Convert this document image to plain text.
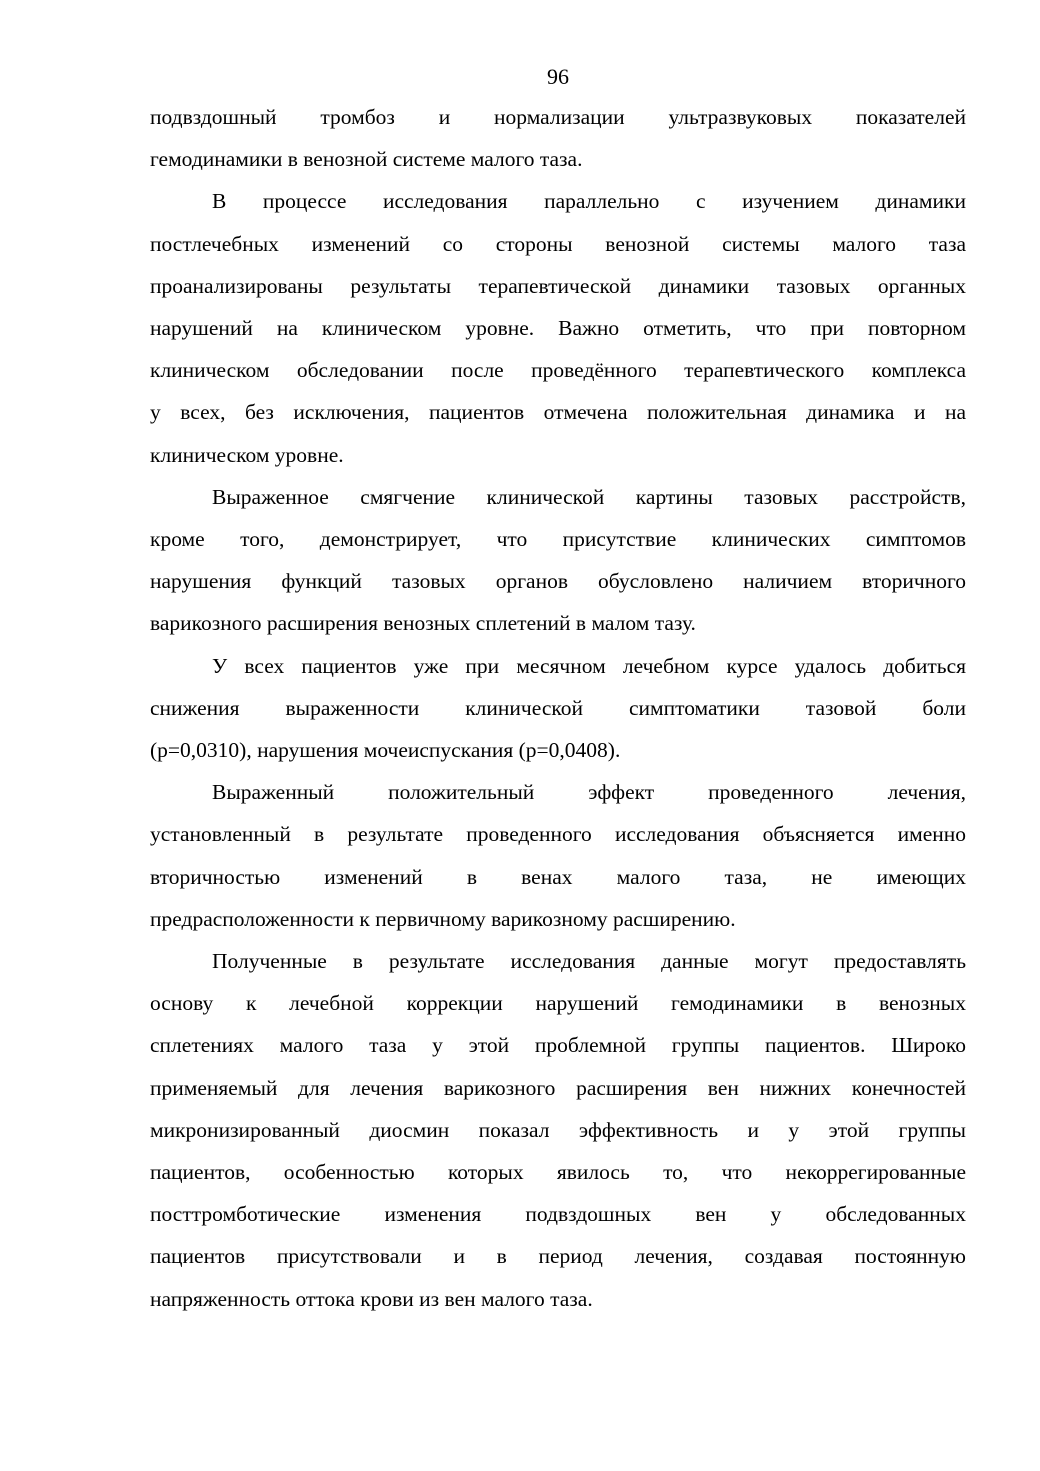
96
подвздошный тромбоз и нормализации ультразвуковых показателей
гемодинамики в венозной системе малого таза.
В процессе исследования параллельно с изучением динамики
постлечебных изменений со стороны венозной системы малого таза
проанализированы результаты терапевтической динамики тазовых органных
нарушений на клиническом уровне. Важно отметить, что при повторном
клиническом обследовании после проведённого терапевтического комплекса
у всех, без исключения, пациентов отмечена положительная динамика и на
клиническом уровне.
Выраженное смягчение клинической картины тазовых расстройств,
кроме того, демонстрирует, что присутствие клинических симптомов
нарушения функций тазовых органов обусловлено наличием вторичного
варикозного расширения венозных сплетений в малом тазу.
У всех пациентов уже при месячном лечебном курсе удалось добиться
снижения выраженности клинической симптоматики тазовой боли
(p=0,0310), нарушения мочеиспускания (p=0,0408).
Выраженный положительный эффект проведенного лечения,
установленный в результате проведенного исследования объясняется именно
вторичностью изменений в венах малого таза, не имеющих
предрасположенности к первичному варикозному расширению.
Полученные в результате исследования данные могут предоставлять
основу к лечебной коррекции нарушений гемодинамики в венозных
сплетениях малого таза у этой проблемной группы пациентов. Широко
применяемый для лечения варикозного расширения вен нижних конечностей
микронизированный диосмин показал эффективность и у этой группы
пациентов, особенностью которых явилось то, что некоррегированные
посттромботические изменения подвздошных вен у обследованных
пациентов присутствовали и в период лечения, создавая постоянную
напряженность оттока крови из вен малого таза.
